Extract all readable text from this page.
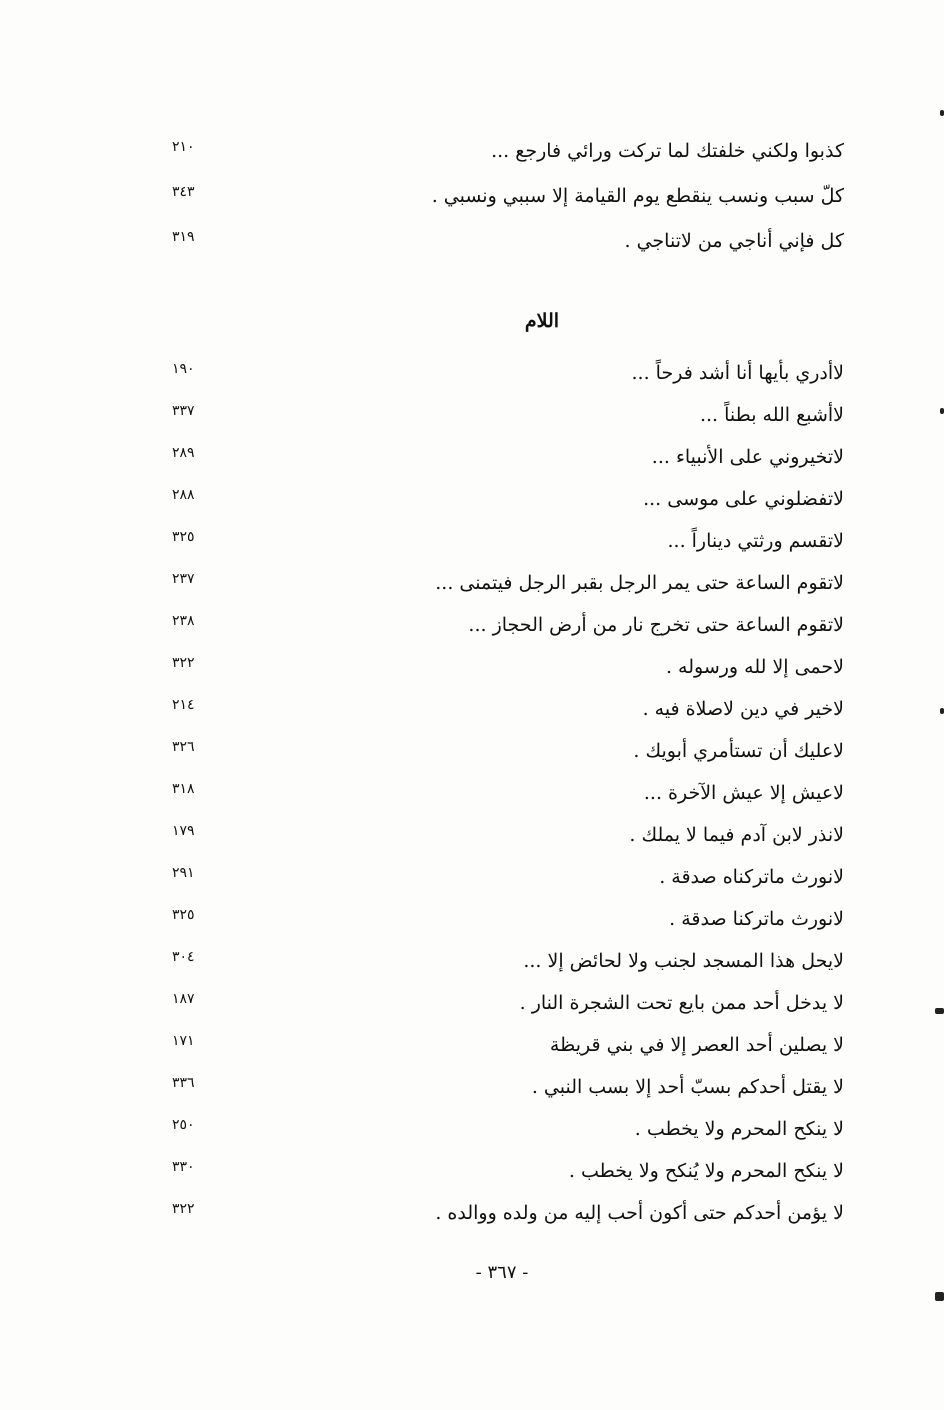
كذبوا ولكني خلفتك لما تركت ورائي فارجع ...
٢١٠
كلّ سبب ونسب ينقطع يوم القيامة إلا سببي ونسبي .
٣٤٣
كل فإني أناجي من لاتناجي .
٣١٩
اللام
لاأدري بأيها أنا أشد فرحاً ...
١٩٠
لاأشبع الله بطناً ...
٣٣٧
لاتخيروني على الأنبياء ...
٢٨٩
لاتفضلوني على موسى ...
٢٨٨
لاتقسم ورثتي ديناراً ...
٣٢٥
لاتقوم الساعة حتى يمر الرجل بقبر الرجل فيتمنى ...
٢٣٧
لاتقوم الساعة حتى تخرج نار من أرض الحجاز ...
٢٣٨
لاحمى إلا لله ورسوله .
٣٢٢
لاخير في دين لاصلاة فيه .
٢١٤
لاعليك أن تستأمري أبويك .
٣٢٦
لاعيش إلا عيش الآخرة ...
٣١٨
لانذر لابن آدم فيما لا يملك .
١٧٩
لانورث ماتركناه صدقة .
٢٩١
لانورث ماتركنا صدقة .
٣٢٥
لايحل هذا المسجد لجنب ولا لحائض إلا ...
٣٠٤
لا يدخل أحد ممن بايع تحت الشجرة النار .
١٨٧
لا يصلين أحد العصر إلا في بني قريظة
١٧١
لا يقتل أحدكم بسبّ أحد إلا بسب النبي .
٣٣٦
لا ينكح المحرم ولا يخطب .
٢٥٠
لا ينكح المحرم ولا يُنكح ولا يخطب .
٣٣٠
لا يؤمن أحدكم حتى أكون أحب إليه من ولده ووالده .
٣٢٢
- ٣٦٧ -
